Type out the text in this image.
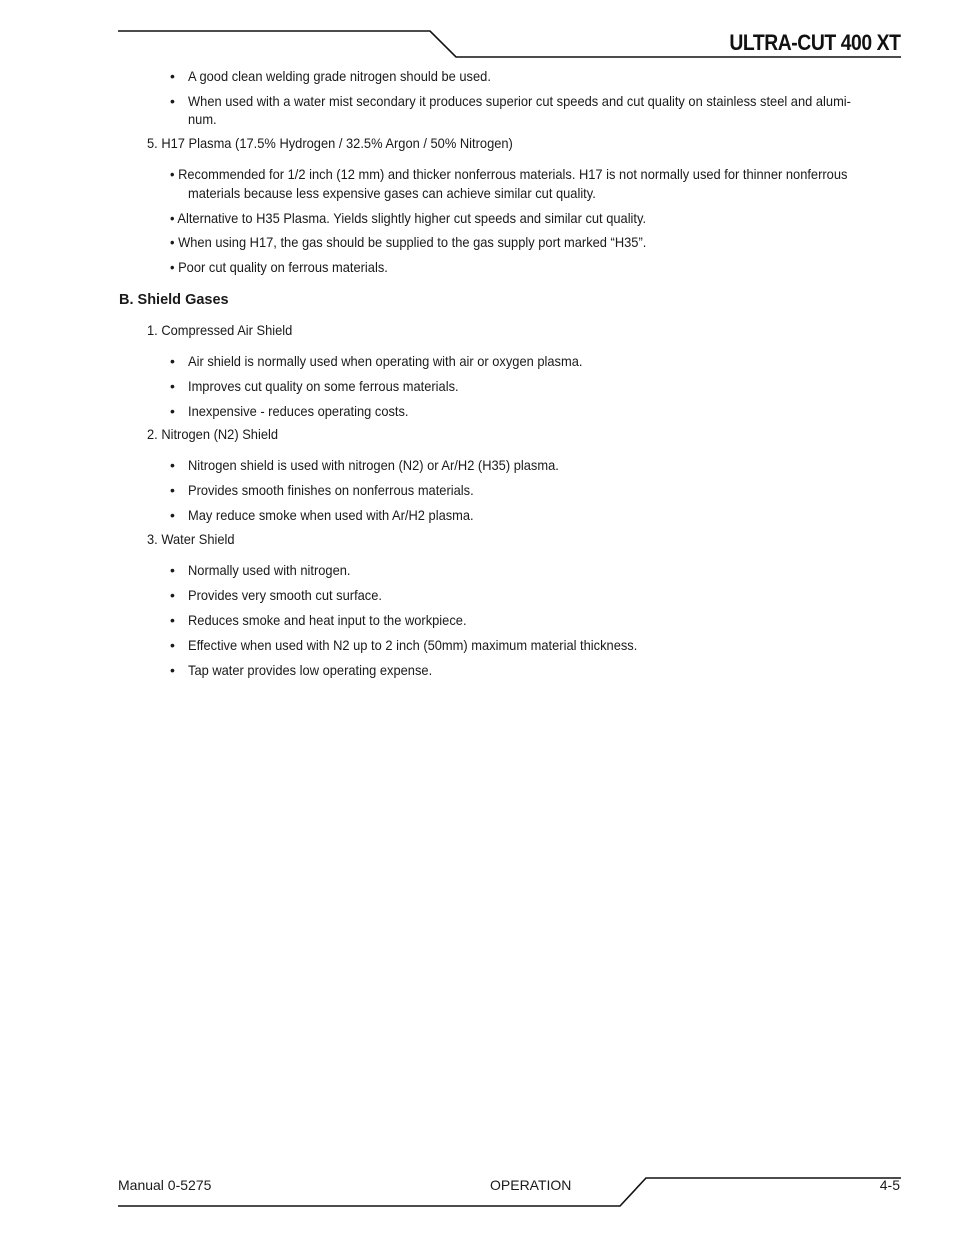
ULTRA-CUT 400 XT
• A good clean welding grade nitrogen should be used.
• When used with a water mist secondary it produces superior cut speeds and cut quality on stainless steel and alumi-
num.
5. H17 Plasma (17.5% Hydrogen / 32.5% Argon / 50% Nitrogen)
• Recommended for 1/2 inch (12 mm) and thicker nonferrous materials. H17 is not normally used for thinner nonferrous
materials because less expensive gases can achieve similar cut quality.
• Alternative to H35 Plasma. Yields slightly higher cut speeds and similar cut quality.
• When using H17, the gas should be supplied to the gas supply port marked “H35”.
• Poor cut quality on ferrous materials.
B. Shield Gases
1. Compressed Air Shield
• Air shield is normally used when operating with air or oxygen plasma.
• Improves cut quality on some ferrous materials.
• Inexpensive - reduces operating costs.
2. Nitrogen (N2) Shield
• Nitrogen shield is used with nitrogen (N2) or Ar/H2 (H35) plasma.
• Provides smooth finishes on nonferrous materials.
• May reduce smoke when used with Ar/H2 plasma.
3. Water Shield
• Normally used with nitrogen.
• Provides very smooth cut surface.
• Reduces smoke and heat input to the workpiece.
• Effective when used with N2 up to 2 inch (50mm) maximum material thickness.
• Tap water provides low operating expense.
Manual 0-5275	OPERATION	4-5
